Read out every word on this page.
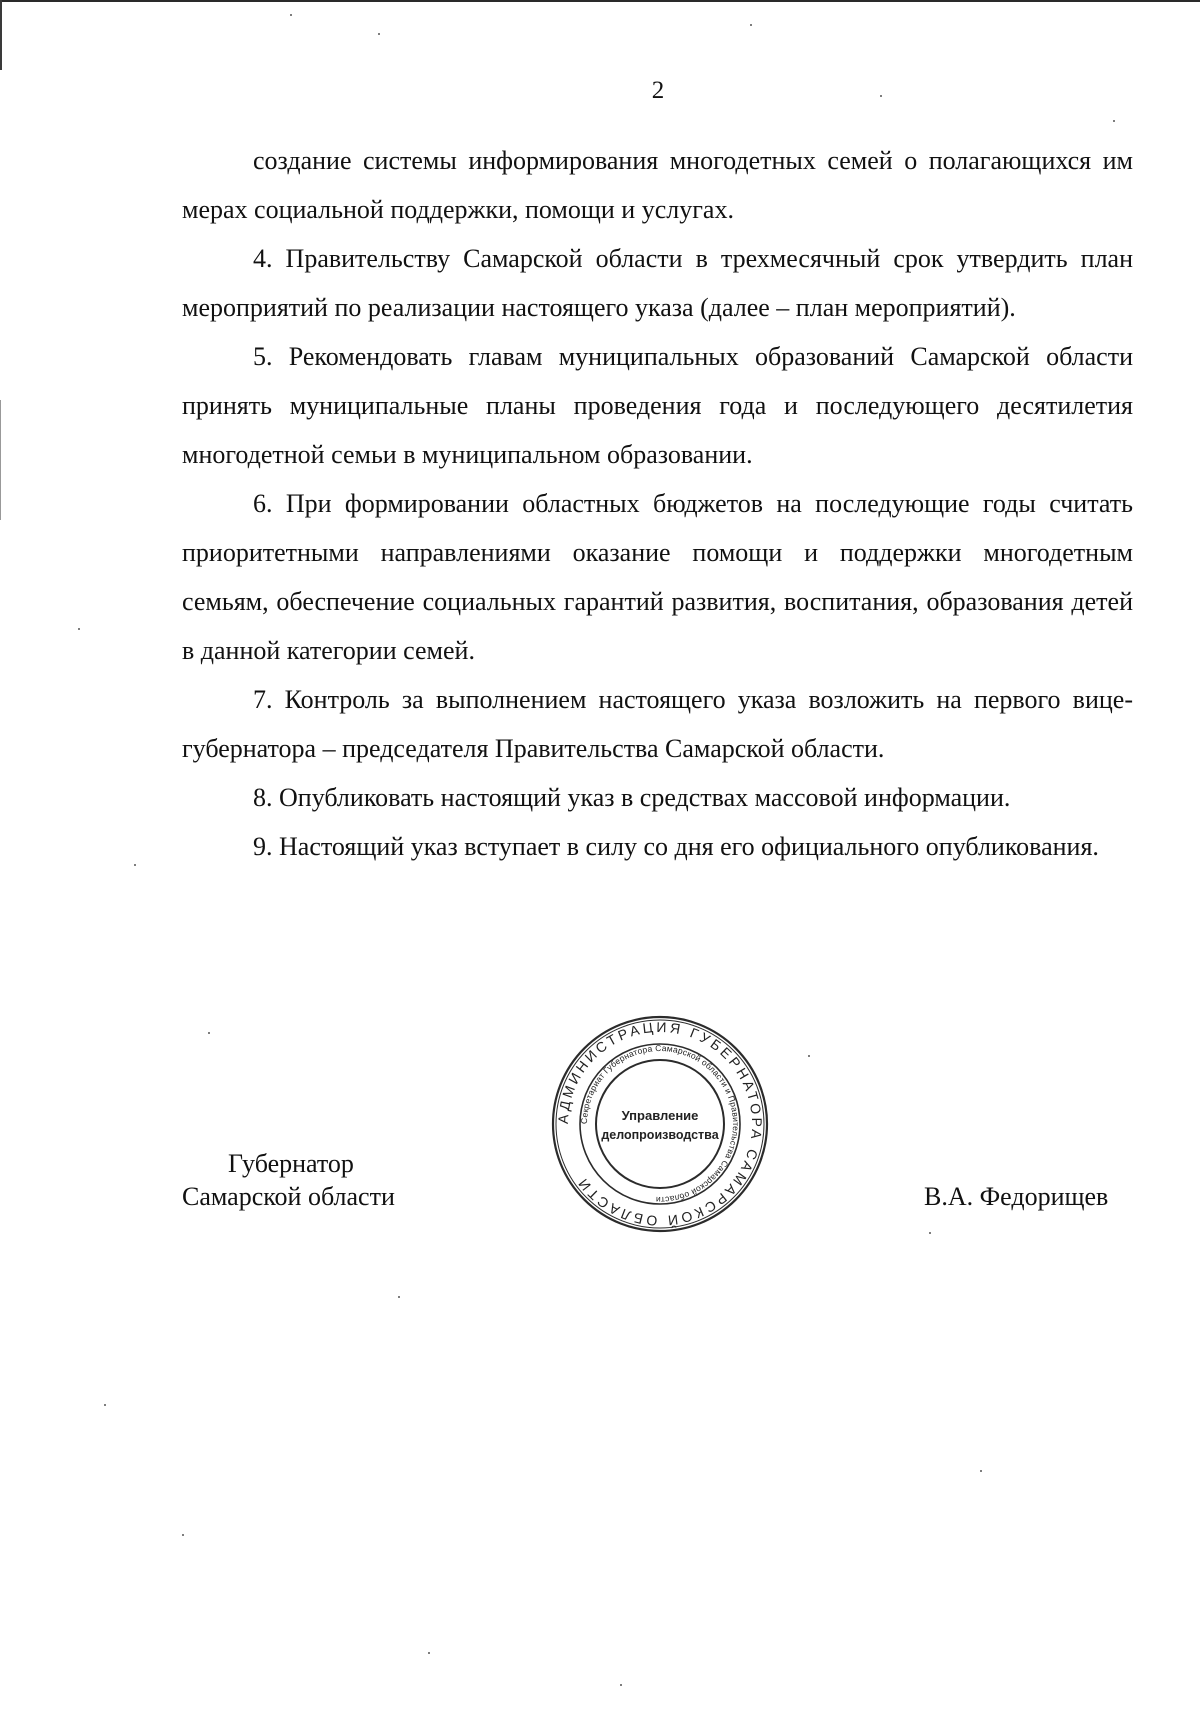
2

создание системы информирования многодетных семей о полагающихся им мерах социальной поддержки, помощи и услугах.

4. Правительству Самарской области в трехмесячный срок утвердить план мероприятий по реализации настоящего указа (далее – план мероприятий).

5. Рекомендовать главам муниципальных образований Самарской области принять муниципальные планы проведения года и последующего десятилетия многодетной семьи в муниципальном образовании.

6. При формировании областных бюджетов на последующие годы считать приоритетными направлениями оказание помощи и поддержки многодетным семьям, обеспечение социальных гарантий развития, воспитания, образования детей в данной категории семей.

7. Контроль за выполнением настоящего указа возложить на первого вице-губернатора – председателя Правительства Самарской области.

8. Опубликовать настоящий указ в средствах массовой информации.

9. Настоящий указ вступает в силу со дня его официального опубликования.

АДМИНИСТРАЦИЯ ГУБЕРНАТОРА САМАРСКОЙ ОБЛАСТИ
Секретариат Губернатора Самарской области и Правительства Самарской области
Управление
делопроизводства
Губернатор
Самарской области	В.А. Федорищев
